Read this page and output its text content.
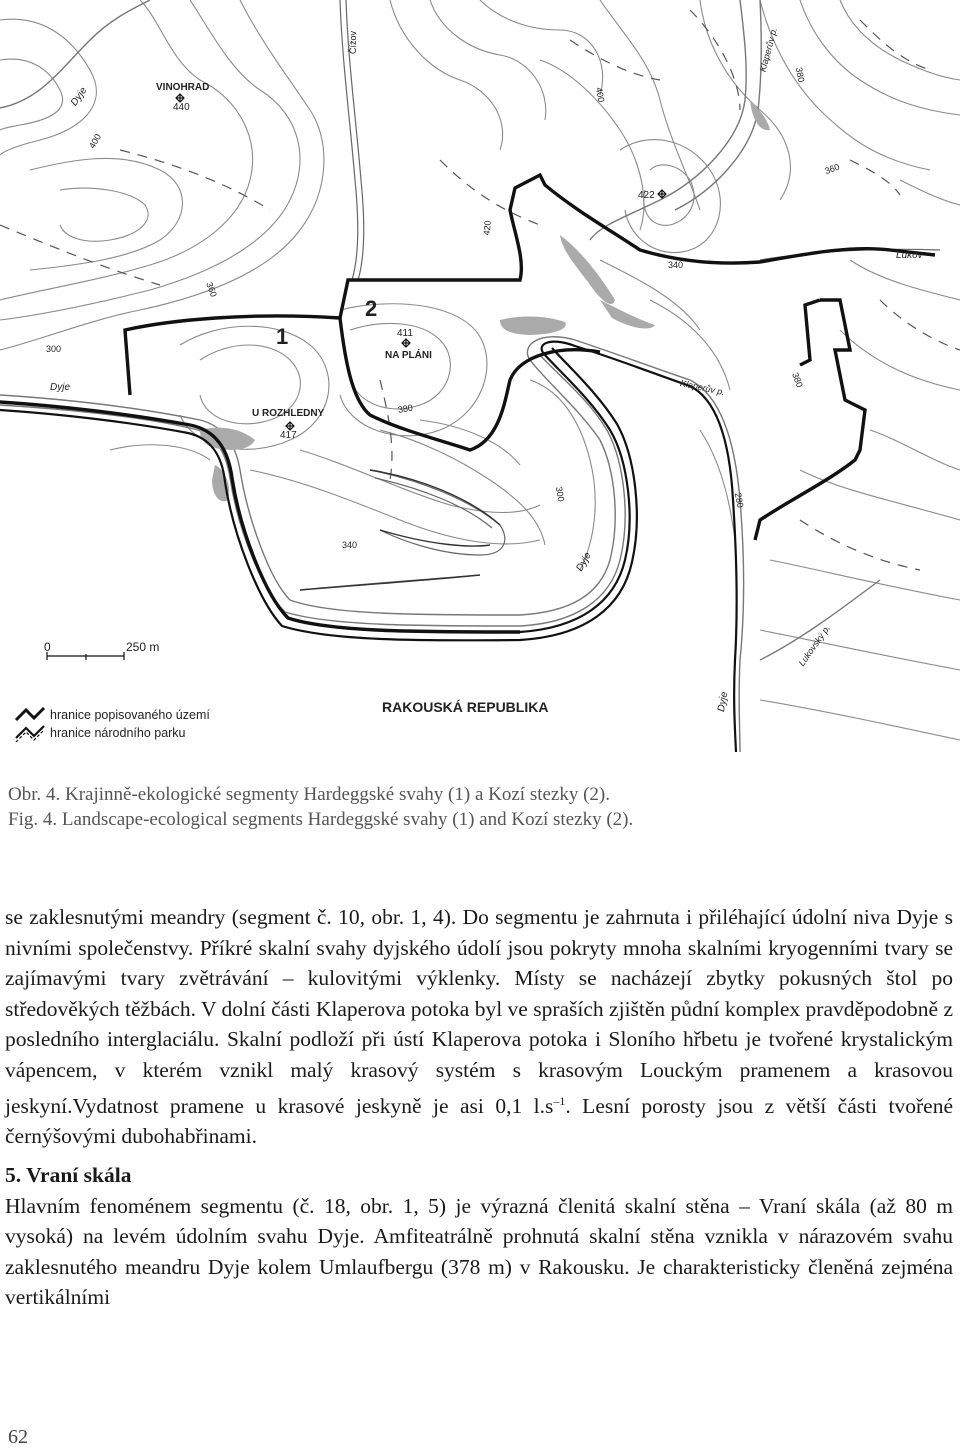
VINOHRAD
440
411
NA PLÁNI
U ROZHLEDNY
417
422
1
2
Dyje
Dyje
Dyje
Dyje
Klaperův p.
Klaperův p.
Lukovský p.
Čížov
Lukov
400
360
300
420
380
340
300
340
400
380
360
380
280
0	250 m
hranice popisovaného území
hranice národního parku
RAKOUSKÁ REPUBLIKA
Obr. 4. Krajinně-ekologické segmenty Hardeggské svahy (1) a Kozí stezky (2).
Fig. 4. Landscape-ecological segments Hardeggské svahy (1) and Kozí stezky (2).

se zaklesnutými meandry (segment č. 10, obr. 1, 4). Do segmentu je zahrnuta i přiléhající údolní niva Dyje s nivními společenstvy. Příkré skalní svahy dyjského údolí jsou pokryty mnoha skalními kryogenními tvary se zajímavými tvary zvětrávání – kulovitými výklenky. Místy se nacházejí zbytky pokusných štol po středověkých těžbách. V dolní části Klaperova potoka byl ve spraších zjištěn půdní komplex pravděpodobně z posledního interglaciálu. Skalní podloží při ústí Klaperova potoka i Sloního hřbetu je tvořené krystalickým vápencem, v kterém vznikl malý krasový systém s krasovým Louckým pramenem a krasovou jeskyní.Vydatnost pramene u krasové jeskyně je asi 0,1 $l.s^{-1}$. Lesní porosty jsou z větší části tvořené černýšovými dubohabřinami.

5. Vraní skála

Hlavním fenoménem segmentu (č. 18, obr. 1, 5) je výrazná členitá skalní stěna – Vraní skála (až 80 m vysoká) na levém údolním svahu Dyje. Amfiteatrálně prohnutá skalní stěna vznikla v nárazovém svahu zaklesnutého meandru Dyje kolem Umlaufbergu (378 m) v Rakousku. Je charakteristicky členěná zejména vertikálními

62
